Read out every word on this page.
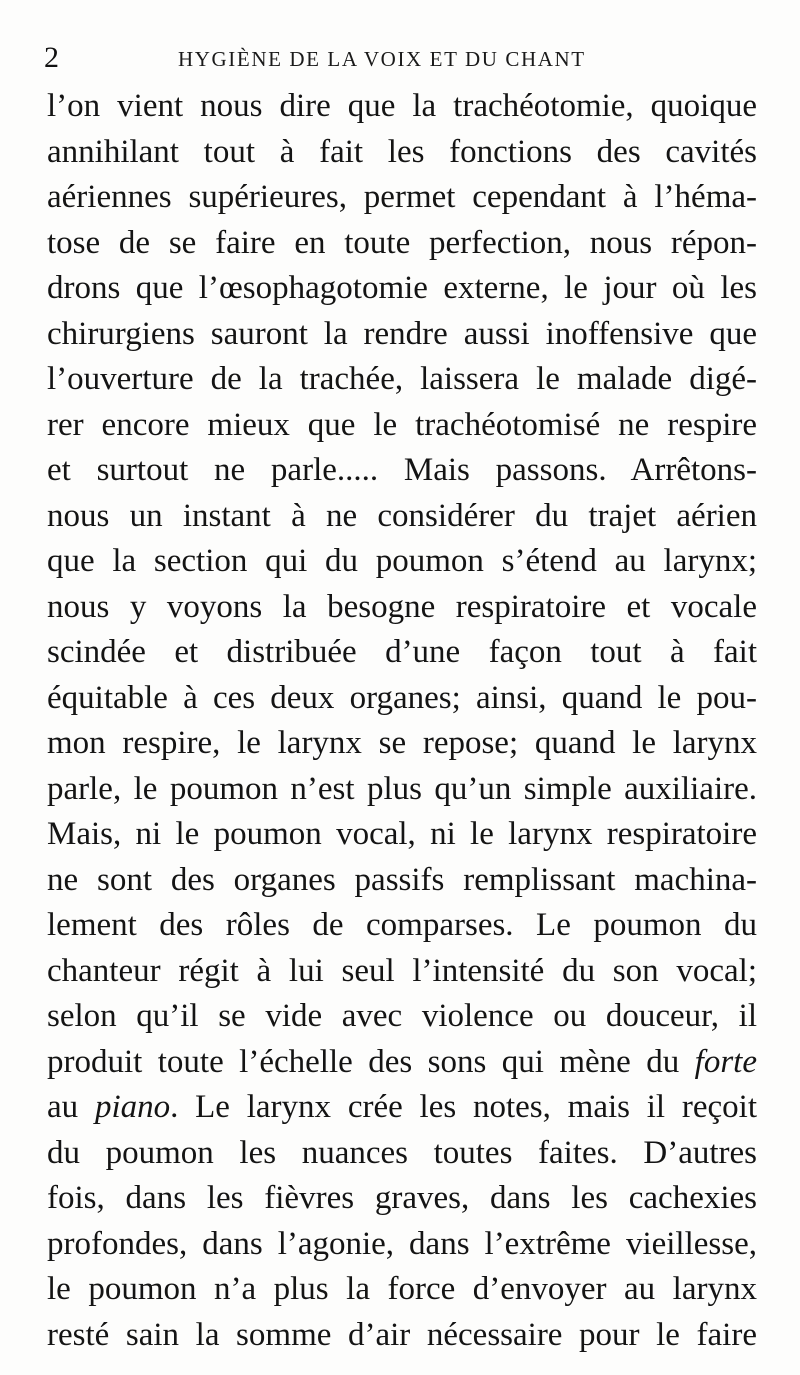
2	HYGIÈNE DE LA VOIX ET DU CHANT
l’on vient nous dire que la trachéotomie, quoique
annihilant tout à fait les fonctions des cavités
aériennes supérieures, permet cependant à l’héma-
tose de se faire en toute perfection, nous répon-
drons que l’œsophagotomie externe, le jour où les
chirurgiens sauront la rendre aussi inoffensive que
l’ouverture de la trachée, laissera le malade digé-
rer encore mieux que le trachéotomisé ne respire
et surtout ne parle..... Mais passons. Arrêtons-
nous un instant à ne considérer du trajet aérien
que la section qui du poumon s’étend au larynx;
nous y voyons la besogne respiratoire et vocale
scindée et distribuée d’une façon tout à fait
équitable à ces deux organes; ainsi, quand le pou-
mon respire, le larynx se repose; quand le larynx
parle, le poumon n’est plus qu’un simple auxiliaire.
Mais, ni le poumon vocal, ni le larynx respiratoire
ne sont des organes passifs remplissant machina-
lement des rôles de comparses. Le poumon du
chanteur régit à lui seul l’intensité du son vocal;
selon qu’il se vide avec violence ou douceur, il
produit toute l’échelle des sons qui mène du forte
au piano. Le larynx crée les notes, mais il reçoit
du poumon les nuances toutes faites. D’autres
fois, dans les fièvres graves, dans les cachexies
profondes, dans l’agonie, dans l’extrême vieillesse,
le poumon n’a plus la force d’envoyer au larynx
resté sain la somme d’air nécessaire pour le faire
